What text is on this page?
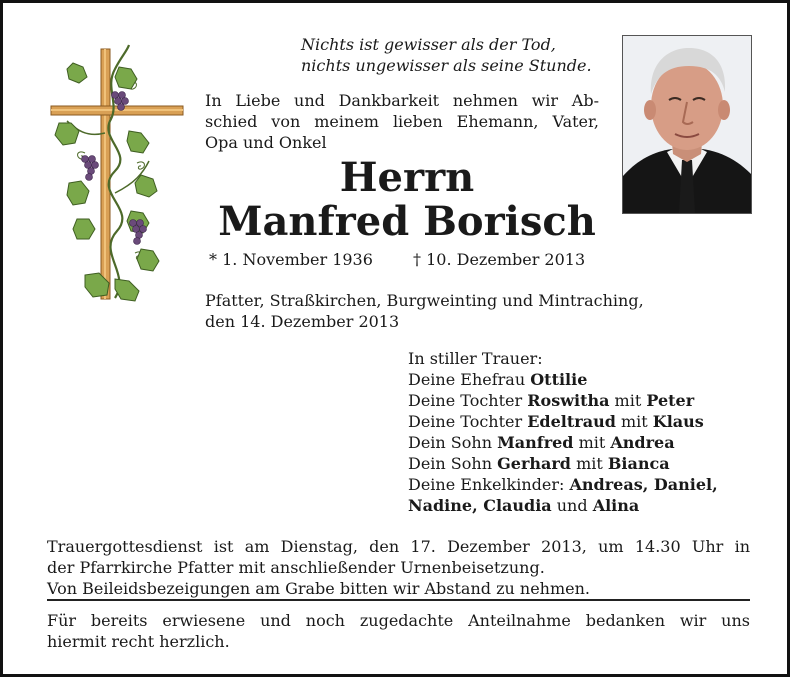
Nichts ist gewisser als der Tod,
nichts ungewisser als seine Stunde.
In Liebe und Dankbarkeit nehmen wir Ab-
schied von meinem lieben Ehemann, Vater,
Opa und Onkel
Herrn
Manfred Borisch
* 1. November 1936	† 10. Dezember 2013
Pfatter, Straßkirchen, Burgweinting und Mintraching,
den 14. Dezember 2013
In stiller Trauer:
Deine Ehefrau Ottilie
Deine Tochter Roswitha mit Peter
Deine Tochter Edeltraud mit Klaus
Dein Sohn Manfred mit Andrea
Dein Sohn Gerhard mit Bianca
Deine Enkelkinder: Andreas, Daniel,
Nadine, Claudia und Alina
Trauergottesdienst ist am Dienstag, den 17. Dezember 2013, um 14.30 Uhr in
der Pfarrkirche Pfatter mit anschließender Urnenbeisetzung.
Von Beileidsbezeigungen am Grabe bitten wir Abstand zu nehmen.
Für bereits erwiesene und noch zugedachte Anteilnahme bedanken wir uns
hiermit recht herzlich.
